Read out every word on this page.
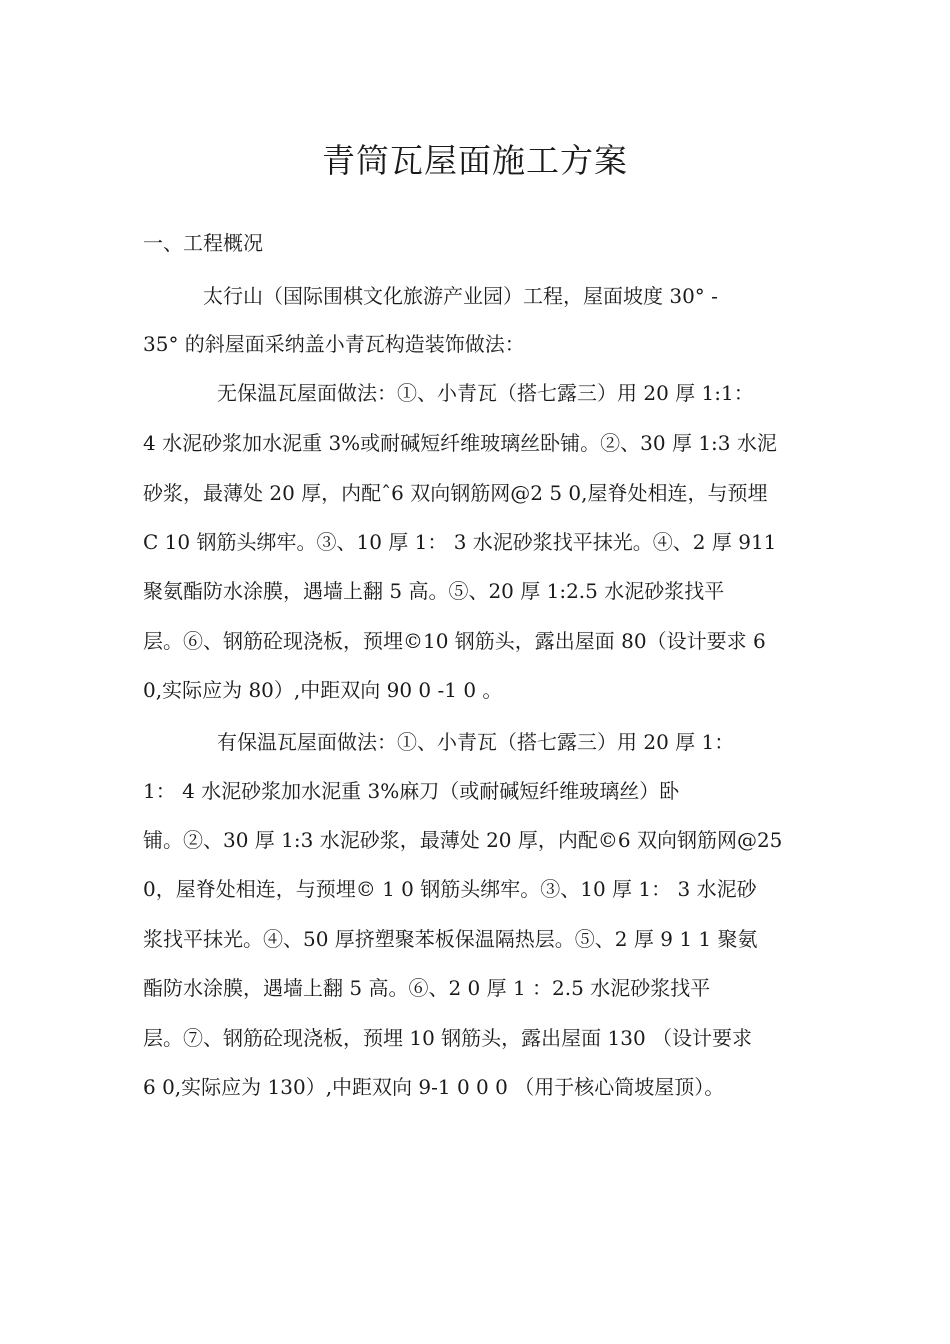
青筒瓦屋面施工方案
一、工程概况

太行山（国际围棋文化旅游产业园）工程，屋面坡度 30° -

35° 的斜屋面采纳盖小青瓦构造装饰做法：

无保温瓦屋面做法：①、小青瓦（搭七露三）用 20 厚 1:1：

4 水泥砂浆加水泥重 3%或耐碱短纤维玻璃丝卧铺。②、30 厚 1:3 水泥

砂浆，最薄处 20 厚，内配ˆ6 双向钢筋网@2 5 0,屋脊处相连，与预埋

C 10 钢筋头绑牢。③、10 厚 1： 3 水泥砂浆找平抹光。④、2 厚 911

聚氨酯防水涂膜，遇墙上翻 5 高。⑤、20 厚 1:2.5 水泥砂浆找平

层。⑥、钢筋砼现浇板，预埋©10 钢筋头，露出屋面 80（设计要求 6

0,实际应为 80）,中距双向 90 0 -1 0 。

有保温瓦屋面做法：①、小青瓦（搭七露三）用 20 厚 1：

1： 4 水泥砂浆加水泥重 3%麻刀（或耐碱短纤维玻璃丝）卧

铺。②、30 厚 1:3 水泥砂浆，最薄处 20 厚，内配©6 双向钢筋网@25

0，屋脊处相连，与预埋© 1 0 钢筋头绑牢。③、10 厚 1： 3 水泥砂

浆找平抹光。④、50 厚挤塑聚苯板保温隔热层。⑤、2 厚 9 1 1 聚氨

酯防水涂膜，遇墙上翻 5 高。⑥、2 0 厚 1 ：2.5 水泥砂浆找平

层。⑦、钢筋砼现浇板，预埋 10 钢筋头，露出屋面 130 （设计要求

6 0,实际应为 130）,中距双向 9-1 0 0 0 （用于核心筒坡屋顶）。
